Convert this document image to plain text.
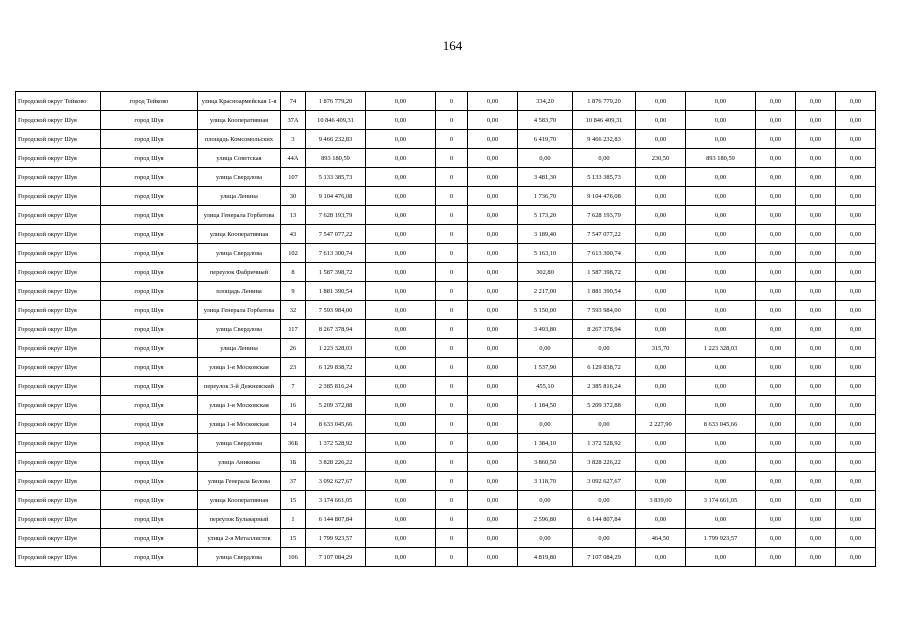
164
Городской округ Тейково	город Тейково	улица Красноармейская 1-я	74	1 876 779,20	0,00	0	0,00	334,20	1 876 779,20	0,00	0,00	0,00	0,00	0,00
Городской округ Шуя	город Шуя	улица Кооперативная	37А	10 846 409,31	0,00	0	0,00	4 583,70	10 846 409,31	0,00	0,00	0,00	0,00	0,00
Городской округ Шуя	город Шуя	площадь Комсомольских	3	9 466 232,83	0,00	0	0,00	6 419,70	9 466 232,83	0,00	0,00	0,00	0,00	0,00
Городской округ Шуя	город Шуя	улица Советская	44А	893 180,59	0,00	0	0,00	0,00	0,00	230,50	893 180,59	0,00	0,00	0,00
Городской округ Шуя	город Шуя	улица Свердлова	107	5 133 385,73	0,00	0	0,00	3 481,30	5 133 385,73	0,00	0,00	0,00	0,00	0,00
Городской округ Шуя	город Шуя	улица Ленина	30	9 104 476,08	0,00	0	0,00	1 736,70	9 104 476,08	0,00	0,00	0,00	0,00	0,00
Городской округ Шуя	город Шуя	улица Генерала Горбатова	13	7 628 193,79	0,00	0	0,00	5 173,20	7 628 193,79	0,00	0,00	0,00	0,00	0,00
Городской округ Шуя	город Шуя	улица Кооперативная	43	7 547 077,22	0,00	0	0,00	3 189,40	7 547 077,22	0,00	0,00	0,00	0,00	0,00
Городской округ Шуя	город Шуя	улица Свердлова	102	7 613 300,74	0,00	0	0,00	5 163,10	7 613 300,74	0,00	0,00	0,00	0,00	0,00
Городской округ Шуя	город Шуя	переулок Фабричный	8	1 587 398,72	0,00	0	0,00	302,80	1 587 398,72	0,00	0,00	0,00	0,00	0,00
Городской округ Шуя	город Шуя	площадь Ленина	9	1 881 390,54	0,00	0	0,00	2 217,00	1 881 390,54	0,00	0,00	0,00	0,00	0,00
Городской округ Шуя	город Шуя	улица Генерала Горбатова	32	7 593 984,00	0,00	0	0,00	5 150,00	7 593 984,00	0,00	0,00	0,00	0,00	0,00
Городской округ Шуя	город Шуя	улица Свердлова	117	8 267 378,94	0,00	0	0,00	3 493,80	8 267 378,94	0,00	0,00	0,00	0,00	0,00
Городской округ Шуя	город Шуя	улица Ленина	26	1 223 328,03	0,00	0	0,00	0,00	0,00	315,70	1 223 328,03	0,00	0,00	0,00
Городской округ Шуя	город Шуя	улица 1-я Московская	23	6 129 838,72	0,00	0	0,00	1 537,90	6 129 838,72	0,00	0,00	0,00	0,00	0,00
Городской округ Шуя	город Шуя	переулок 3-й Дежневский	7	2 385 816,24	0,00	0	0,00	455,10	2 385 816,24	0,00	0,00	0,00	0,00	0,00
Городской округ Шуя	город Шуя	улица 1-я Московская	16	5 209 372,88	0,00	0	0,00	1 184,50	5 209 372,88	0,00	0,00	0,00	0,00	0,00
Городской округ Шуя	город Шуя	улица 1-я Московская	14	8 633 045,66	0,00	0	0,00	0,00	0,00	2 227,90	8 633 045,66	0,00	0,00	0,00
Городской округ Шуя	город Шуя	улица Свердлова	36Б	1 372 528,92	0,00	0	0,00	1 384,10	1 372 528,92	0,00	0,00	0,00	0,00	0,00
Городской округ Шуя	город Шуя	улица Аникина	1Б	3 828 226,22	0,00	0	0,00	3 860,50	3 828 226,22	0,00	0,00	0,00	0,00	0,00
Городской округ Шуя	город Шуя	улица Генерала Белова	37	3 092 627,67	0,00	0	0,00	3 118,70	3 092 627,67	0,00	0,00	0,00	0,00	0,00
Городской округ Шуя	город Шуя	улица Кооперативная	15	3 174 661,05	0,00	0	0,00	0,00	0,00	3 839,00	3 174 661,05	0,00	0,00	0,00
Городской округ Шуя	город Шуя	переулок Бульварный	1	6 144 807,84	0,00	0	0,00	2 596,80	6 144 807,84	0,00	0,00	0,00	0,00	0,00
Городской округ Шуя	город Шуя	улица 2-я Металлистов	15	1 799 923,57	0,00	0	0,00	0,00	0,00	464,50	1 799 923,57	0,00	0,00	0,00
Городской округ Шуя	город Шуя	улица Свердлова	106	7 107 084,29	0,00	0	0,00	4 819,80	7 107 084,29	0,00	0,00	0,00	0,00	0,00
